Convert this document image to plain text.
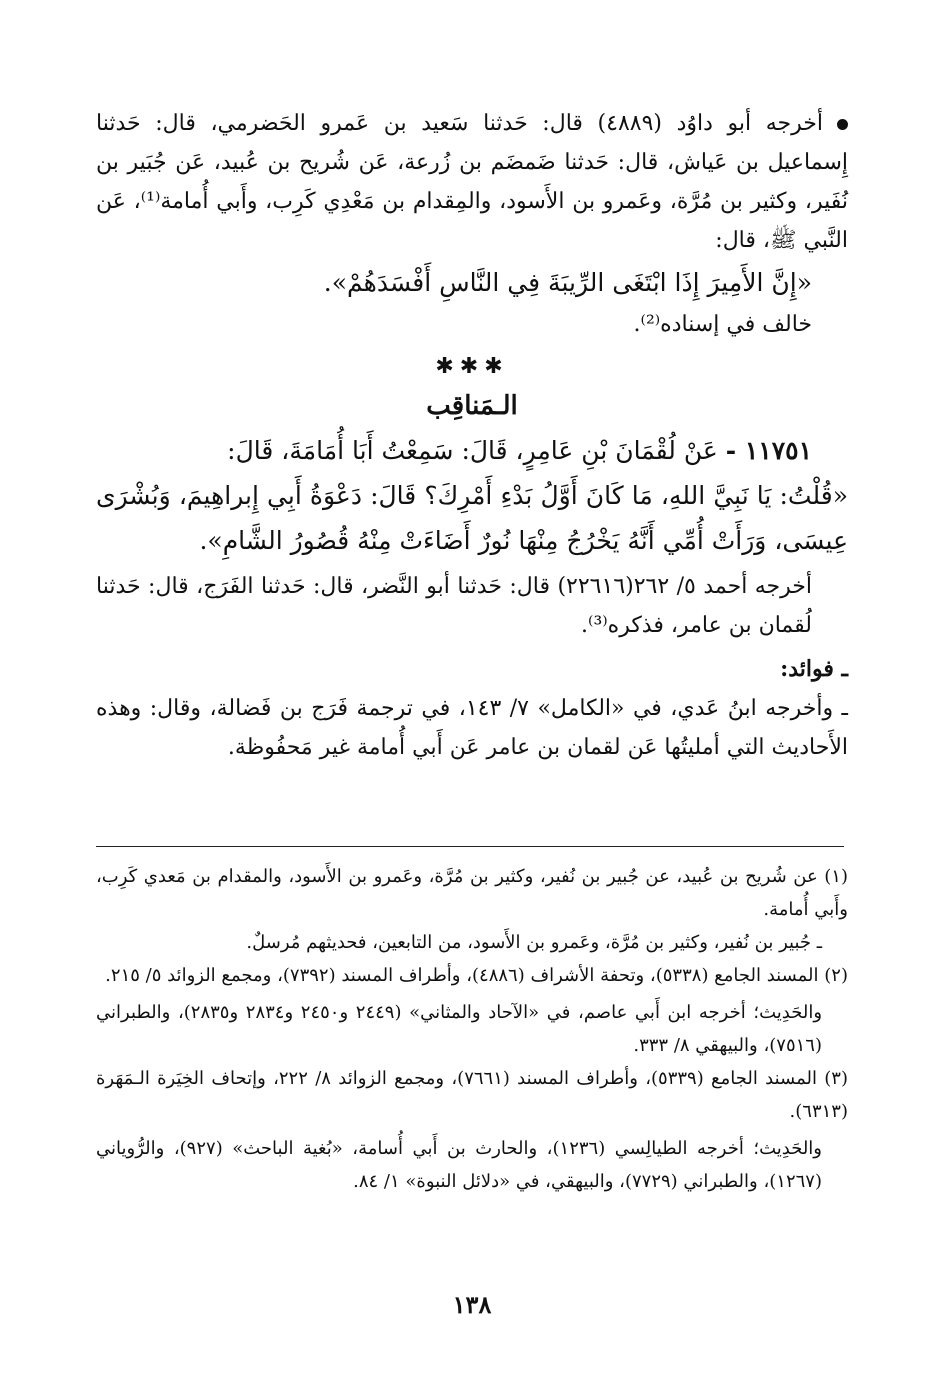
أخرجه أبو داوُد (٤٨٨٩) قال: حَدثنا سَعيد بن عَمرو الحَضرمي، قال: حَدثنا إِسماعيل بن عَياش، قال: حَدثنا ضَمضَم بن زُرعة، عَن شُريح بن عُبيد، عَن جُبَير بن نُفَير، وكثير بن مُرَّة، وعَمرو بن الأَسود، والمِقدام بن مَعْدِي كَرِب، وأَبي أُمامة⁽¹⁾، عَن النَّبي ﷺ، قال:

«إِنَّ الأَمِيرَ إِذَا ابْتَغَى الرِّيبَةَ فِي النَّاسِ أَفْسَدَهُمْ».

خالف في إسناده⁽²⁾.

✱✱✱
الـمَناقِب

١١٧٥١ - عَنْ لُقْمَانَ بْنِ عَامِرٍ، قَالَ: سَمِعْتُ أَبَا أُمَامَةَ، قَالَ:

«قُلْتُ: يَا نَبِيَّ اللهِ، مَا كَانَ أَوَّلُ بَدْءِ أَمْرِكَ؟ قَالَ: دَعْوَةُ أَبِي إِبراهِيمَ، وَبُشْرَى عِيسَى، وَرَأَتْ أُمِّي أَنَّهُ يَخْرُجُ مِنْهَا نُورٌ أَضَاءَتْ مِنْهُ قُصُورُ الشَّامِ».

أخرجه أحمد ٥/ ٢٦٢(٢٢٦١٦) قال: حَدثنا أبو النَّضر، قال: حَدثنا الفَرَج، قال: حَدثنا لُقمان بن عامر، فذكره⁽³⁾.

ـ فوائد:

ـ وأخرجه ابنُ عَدي، في «الكامل» ٧/ ١٤٣، في ترجمة فَرَج بن فَضالة، وقال: وهذه الأَحاديث التي أمليتُها عَن لقمان بن عامر عَن أَبي أُمامة غير مَحفُوظة.

(١) عن شُريح بن عُبيد، عن جُبير بن نُفير، وكثير بن مُرَّة، وعَمرو بن الأَسود، والمقدام بن مَعدي كَرِب، وأَبي أُمامة.

ـ جُبير بن نُفير، وكثير بن مُرَّة، وعَمرو بن الأَسود، من التابعين، فحديثهم مُرسلٌ.

(٢) المسند الجامع (٥٣٣٨)، وتحفة الأشراف (٤٨٨٦)، وأطراف المسند (٧٣٩٢)، ومجمع الزوائد ٥/ ٢١٥.

والحَدِيث؛ أخرجه ابن أَبي عاصم، في «الآحاد والمثاني» (٢٤٤٩ و٢٤٥٠ و٢٨٣٤ و٢٨٣٥)، والطبراني (٧٥١٦)، والبيهقي ٨/ ٣٣٣.

(٣) المسند الجامع (٥٣٣٩)، وأطراف المسند (٧٦٦١)، ومجمع الزوائد ٨/ ٢٢٢، وإتحاف الخِيَرة الـمَهَرة (٦٣١٣).

والحَدِيث؛ أخرجه الطيالِسي (١٢٣٦)، والحارث بن أَبي أُسامة، «بُغية الباحث» (٩٢٧)، والرُّوياني (١٢٦٧)، والطبراني (٧٧٢٩)، والبيهقي، في «دلائل النبوة» ١/ ٨٤.

١٣٨
